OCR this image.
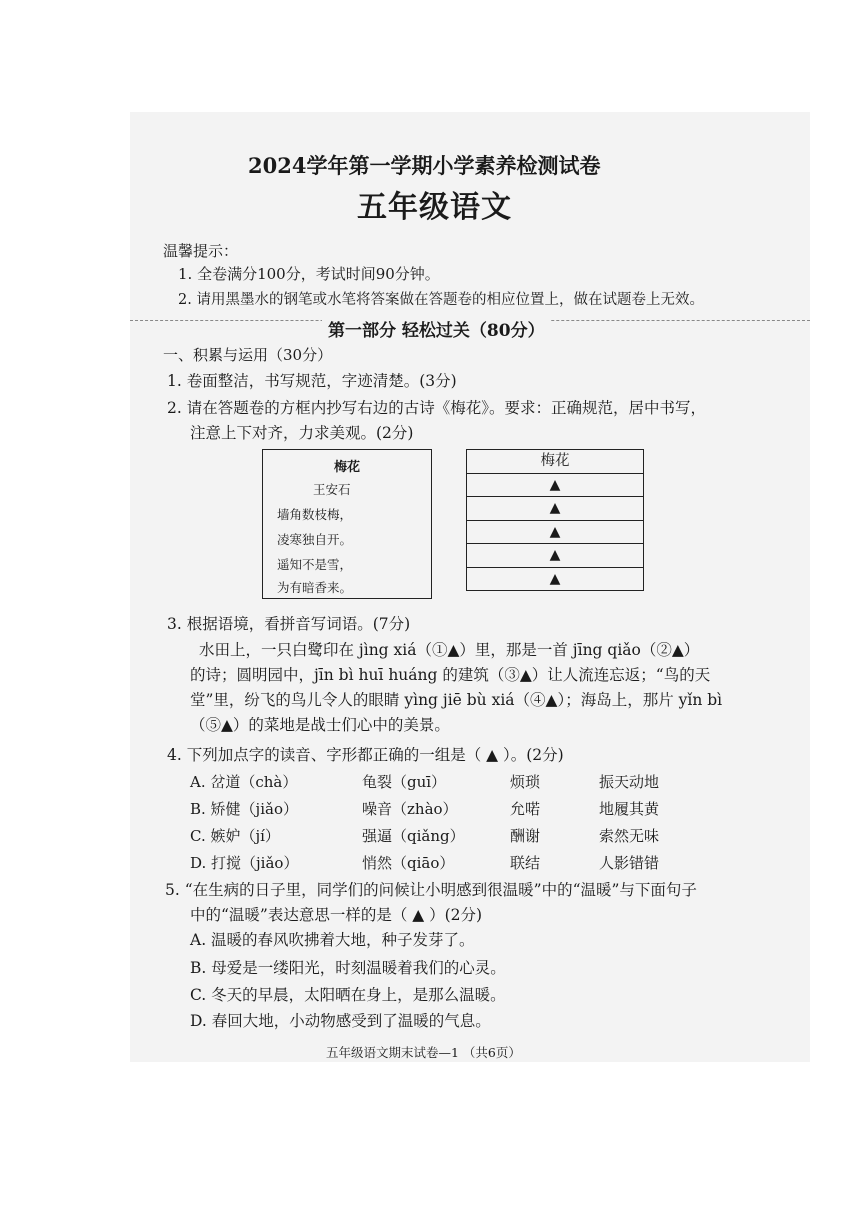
2024学年第一学期小学素养检测试卷
五年级语文
温馨提示：
1. 全卷满分100分，考试时间90分钟。
2. 请用黑墨水的钢笔或水笔将答案做在答题卷的相应位置上，做在试题卷上无效。
第一部分 轻松过关（80分）
一、积累与运用（30分）
1. 卷面整洁，书写规范，字迹清楚。(3分)
2. 请在答题卷的方框内抄写右边的古诗《梅花》。要求：正确规范，居中书写，
注意上下对齐，力求美观。(2分)
梅花
王安石
墙角数枝梅，
凌寒独自开。
遥知不是雪，
为有暗香来。
梅花
▲
▲
▲
▲
▲
3. 根据语境，看拼音写词语。(7分)
水田上，一只白鹭印在 jìng xiá（①▲）里，那是一首 jīng qiǎo（②▲）
的诗；圆明园中，jīn bì huī huáng 的建筑（③▲）让人流连忘返；“鸟的天
堂”里，纷飞的鸟儿令人的眼睛 yìng jiē bù xiá（④▲）；海岛上，那片 yǐn bì
（⑤▲）的菜地是战士们心中的美景。
4. 下列加点字的读音、字形都正确的一组是（ ▲ ）。(2分)
A. 岔道（chà）	龟裂（guī）	烦琐	振天动地
B. 矫健（jiǎo）	噪音（zhào）	允喏	地履其黄
C. 嫉妒（jí）	强逼（qiǎng）	酬谢	索然无味
D. 打搅（jiǎo）	悄然（qiāo）	联结	人影错错
5. “在生病的日子里，同学们的问候让小明感到很温暖”中的“温暖”与下面句子
中的“温暖”表达意思一样的是（ ▲ ）(2分)
A. 温暖的春风吹拂着大地，种子发芽了。
B. 母爱是一缕阳光，时刻温暖着我们的心灵。
C. 冬天的早晨，太阳晒在身上，是那么温暖。
D. 春回大地，小动物感受到了温暖的气息。
五年级语文期末试卷—1 （共6页）
